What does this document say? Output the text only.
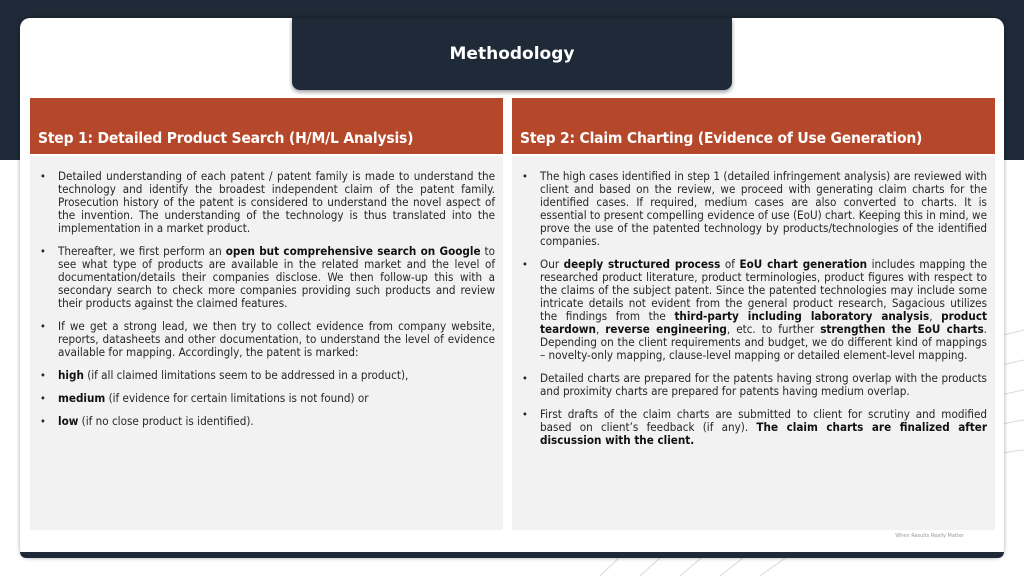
Methodology
Step 1: Detailed Product Search (H/M/L Analysis)
• Detailed understanding of each patent / patent family is made to understand the technology and identify the broadest independent claim of the patent family. Prosecution history of the patent is considered to understand the novel aspect of the invention. The understanding of the technology is thus translated into the implementation in a market product.
• Thereafter, we first perform an open but comprehensive search on Google to see what type of products are available in the related market and the level of documentation/details their companies disclose. We then follow-up this with a secondary search to check more companies providing such products and review their products against the claimed features.
• If we get a strong lead, we then try to collect evidence from company website, reports, datasheets and other documentation, to understand the level of evidence available for mapping. Accordingly, the patent is marked:
• high (if all claimed limitations seem to be addressed in a product),
• medium (if evidence for certain limitations is not found) or
• low (if no close product is identified).
Step 2: Claim Charting (Evidence of Use Generation)
• The high cases identified in step 1 (detailed infringement analysis) are reviewed with client and based on the review, we proceed with generating claim charts for the identified cases. If required, medium cases are also converted to charts. It is essential to present compelling evidence of use (EoU) chart. Keeping this in mind, we prove the use of the patented technology by products/technologies of the identified companies.
• Our deeply structured process of EoU chart generation includes mapping the researched product literature, product terminologies, product figures with respect to the claims of the subject patent. Since the patented technologies may include some intricate details not evident from the general product research, Sagacious utilizes the findings from the third-party including laboratory analysis, product teardown, reverse engineering, etc. to further strengthen the EoU charts. Depending on the client requirements and budget, we do different kind of mappings – novelty-only mapping, clause-level mapping or detailed element-level mapping.
• Detailed charts are prepared for the patents having strong overlap with the products and proximity charts are prepared for patents having medium overlap.
• First drafts of the claim charts are submitted to client for scrutiny and modified based on client’s feedback (if any). The claim charts are finalized after discussion with the client.
When Results Really Matter
